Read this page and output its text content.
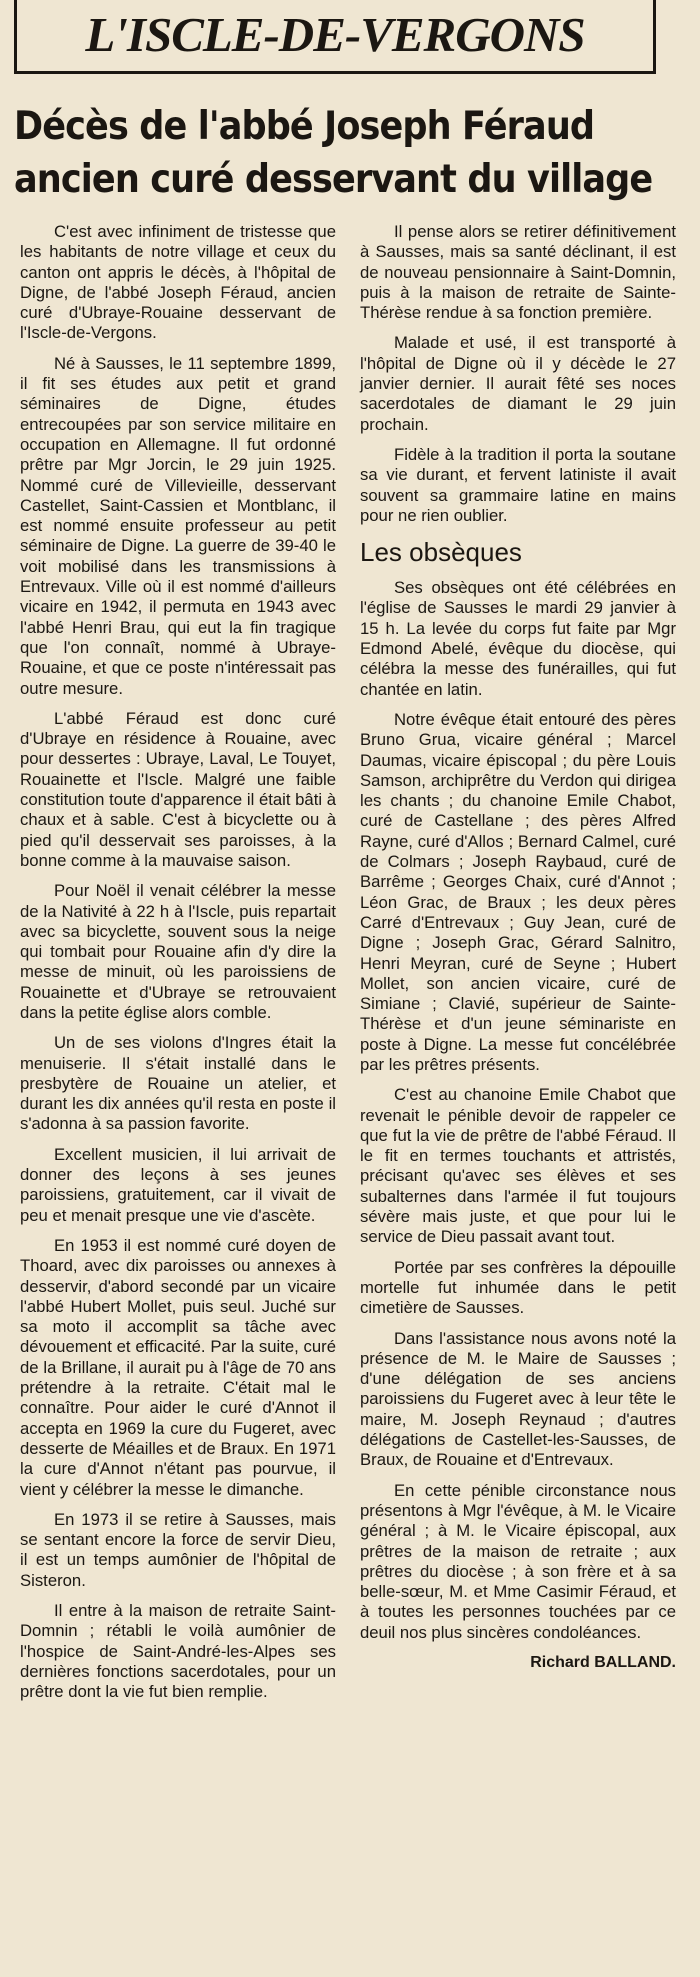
L'ISCLE-DE-VERGONS
Décès de l'abbé Joseph Féraud
ancien curé desservant du village

C'est avec infiniment de tristesse que les habitants de notre village et ceux du canton ont appris le décès, à l'hôpital de Digne, de l'abbé Joseph Féraud, ancien curé d'Ubraye-Rouaine desservant de l'Iscle-de-Vergons.

Né à Sausses, le 11 septembre 1899, il fit ses études aux petit et grand séminaires de Digne, études entrecoupées par son service militaire en occupation en Allemagne. Il fut ordonné prêtre par Mgr Jorcin, le 29 juin 1925. Nommé curé de Villevieille, desservant Castellet, Saint-Cassien et Montblanc, il est nommé ensuite professeur au petit séminaire de Digne. La guerre de 39-40 le voit mobilisé dans les transmissions à Entrevaux. Ville où il est nommé d'ailleurs vicaire en 1942, il permuta en 1943 avec l'abbé Henri Brau, qui eut la fin tragique que l'on connaît, nommé à Ubraye-Rouaine, et que ce poste n'intéressait pas outre mesure.

L'abbé Féraud est donc curé d'Ubraye en résidence à Rouaine, avec pour dessertes : Ubraye, Laval, Le Touyet, Rouainette et l'Iscle. Malgré une faible constitution toute d'apparence il était bâti à chaux et à sable. C'est à bicyclette ou à pied qu'il desservait ses paroisses, à la bonne comme à la mauvaise saison.

Pour Noël il venait célébrer la messe de la Nativité à 22 h à l'Iscle, puis repartait avec sa bicyclette, souvent sous la neige qui tombait pour Rouaine afin d'y dire la messe de minuit, où les paroissiens de Rouainette et d'Ubraye se retrouvaient dans la petite église alors comble.

Un de ses violons d'Ingres était la menuiserie. Il s'était installé dans le presbytère de Rouaine un atelier, et durant les dix années qu'il resta en poste il s'adonna à sa passion favorite.

Excellent musicien, il lui arrivait de donner des leçons à ses jeunes paroissiens, gratuitement, car il vivait de peu et menait presque une vie d'ascète.

En 1953 il est nommé curé doyen de Thoard, avec dix paroisses ou annexes à desservir, d'abord secondé par un vicaire l'abbé Hubert Mollet, puis seul. Juché sur sa moto il accomplit sa tâche avec dévouement et efficacité. Par la suite, curé de la Brillane, il aurait pu à l'âge de 70 ans prétendre à la retraite. C'était mal le connaître. Pour aider le curé d'Annot il accepta en 1969 la cure du Fugeret, avec desserte de Méailles et de Braux. En 1971 la cure d'Annot n'étant pas pourvue, il vient y célébrer la messe le dimanche.

En 1973 il se retire à Sausses, mais se sentant encore la force de servir Dieu, il est un temps aumônier de l'hôpital de Sisteron.

Il entre à la maison de retraite Saint-Domnin ; rétabli le voilà aumônier de l'hospice de Saint-André-les-Alpes ses dernières fonctions sacerdotales, pour un prêtre dont la vie fut bien remplie.

Il pense alors se retirer définitivement à Sausses, mais sa santé déclinant, il est de nouveau pensionnaire à Saint-Domnin, puis à la maison de retraite de Sainte-Thérèse rendue à sa fonction première.

Malade et usé, il est transporté à l'hôpital de Digne où il y décède le 27 janvier dernier. Il aurait fêté ses noces sacerdotales de diamant le 29 juin prochain.

Fidèle à la tradition il porta la soutane sa vie durant, et fervent latiniste il avait souvent sa grammaire latine en mains pour ne rien oublier.

Les obsèques

Ses obsèques ont été célébrées en l'église de Sausses le mardi 29 janvier à 15 h. La levée du corps fut faite par Mgr Edmond Abelé, évêque du diocèse, qui célébra la messe des funérailles, qui fut chantée en latin.

Notre évêque était entouré des pères Bruno Grua, vicaire général ; Marcel Daumas, vicaire épiscopal ; du père Louis Samson, archiprêtre du Verdon qui dirigea les chants ; du chanoine Emile Chabot, curé de Castellane ; des pères Alfred Rayne, curé d'Allos ; Bernard Calmel, curé de Colmars ; Joseph Raybaud, curé de Barrême ; Georges Chaix, curé d'Annot ; Léon Grac, de Braux ; les deux pères Carré d'Entrevaux ; Guy Jean, curé de Digne ; Joseph Grac, Gérard Salnitro, Henri Meyran, curé de Seyne ; Hubert Mollet, son ancien vicaire, curé de Simiane ; Clavié, supérieur de Sainte-Thérèse et d'un jeune séminariste en poste à Digne. La messe fut concélébrée par les prêtres présents.

C'est au chanoine Emile Chabot que revenait le pénible devoir de rappeler ce que fut la vie de prêtre de l'abbé Féraud. Il le fit en termes touchants et attristés, précisant qu'avec ses élèves et ses subalternes dans l'armée il fut toujours sévère mais juste, et que pour lui le service de Dieu passait avant tout.

Portée par ses confrères la dépouille mortelle fut inhumée dans le petit cimetière de Sausses.

Dans l'assistance nous avons noté la présence de M. le Maire de Sausses ; d'une délégation de ses anciens paroissiens du Fugeret avec à leur tête le maire, M. Joseph Reynaud ; d'autres délégations de Castellet-les-Sausses, de Braux, de Rouaine et d'Entrevaux.

En cette pénible circonstance nous présentons à Mgr l'évêque, à M. le Vicaire général ; à M. le Vicaire épiscopal, aux prêtres de la maison de retraite ; aux prêtres du diocèse ; à son frère et à sa belle-sœur, M. et Mme Casimir Féraud, et à toutes les personnes touchées par ce deuil nos plus sincères condoléances.

Richard BALLAND.
